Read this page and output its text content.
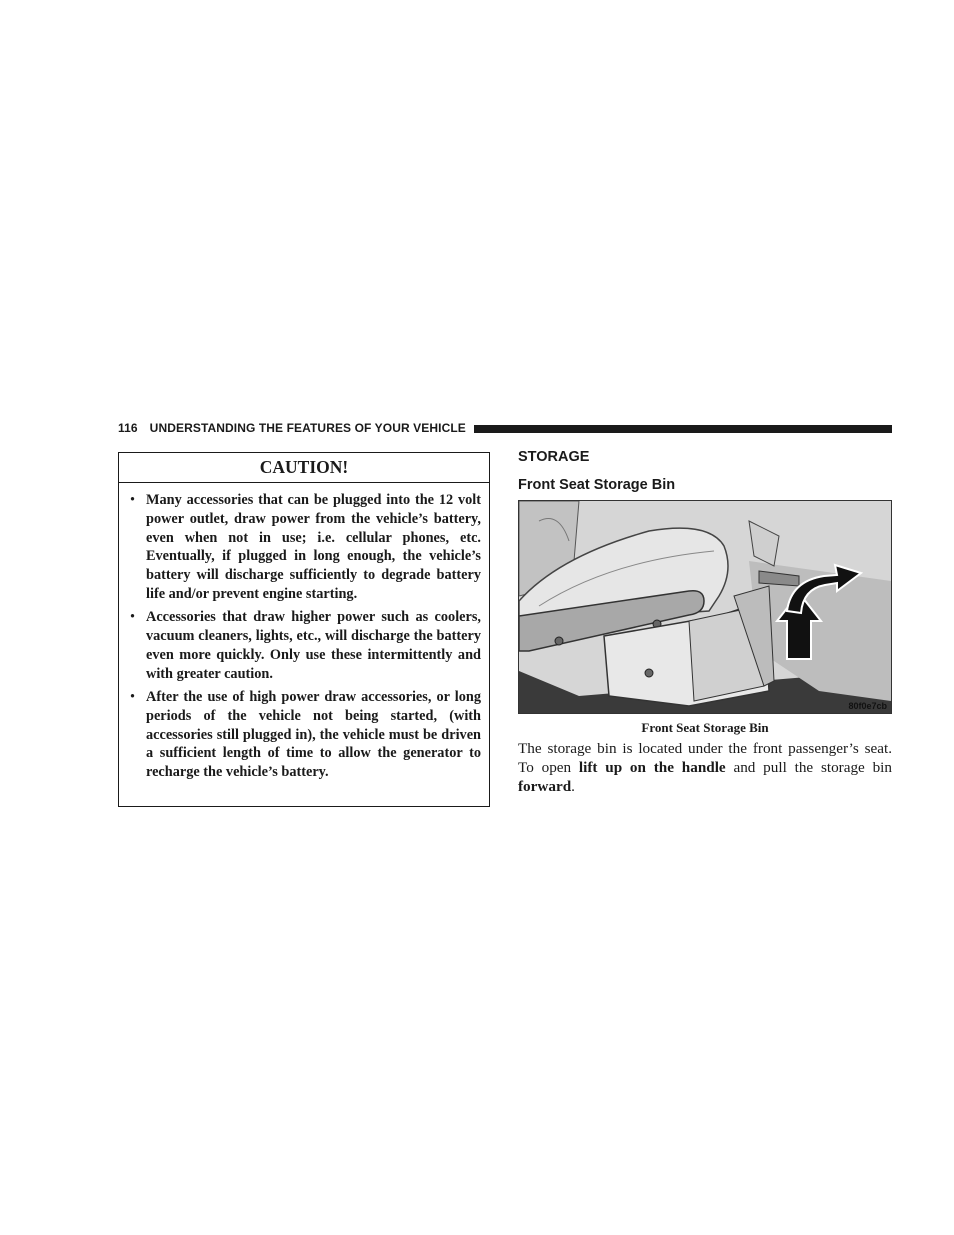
116 UNDERSTANDING THE FEATURES OF YOUR VEHICLE
CAUTION!
• Many accessories that can be plugged into the 12 volt power outlet, draw power from the vehicle’s battery, even when not in use; i.e. cellular phones, etc. Eventually, if plugged in long enough, the vehicle’s battery will discharge sufficiently to degrade battery life and/or prevent engine starting.
• Accessories that draw higher power such as coolers, vacuum cleaners, lights, etc., will discharge the battery even more quickly. Only use these intermittently and with greater caution.
• After the use of high power draw accessories, or long periods of the vehicle not being started, (with accessories still plugged in), the vehicle must be driven a sufficient length of time to allow the generator to recharge the vehicle’s battery.
STORAGE
Front Seat Storage Bin
80f0e7cb
Front Seat Storage Bin

The storage bin is located under the front passenger’s seat. To open lift up on the handle and pull the storage bin forward.
